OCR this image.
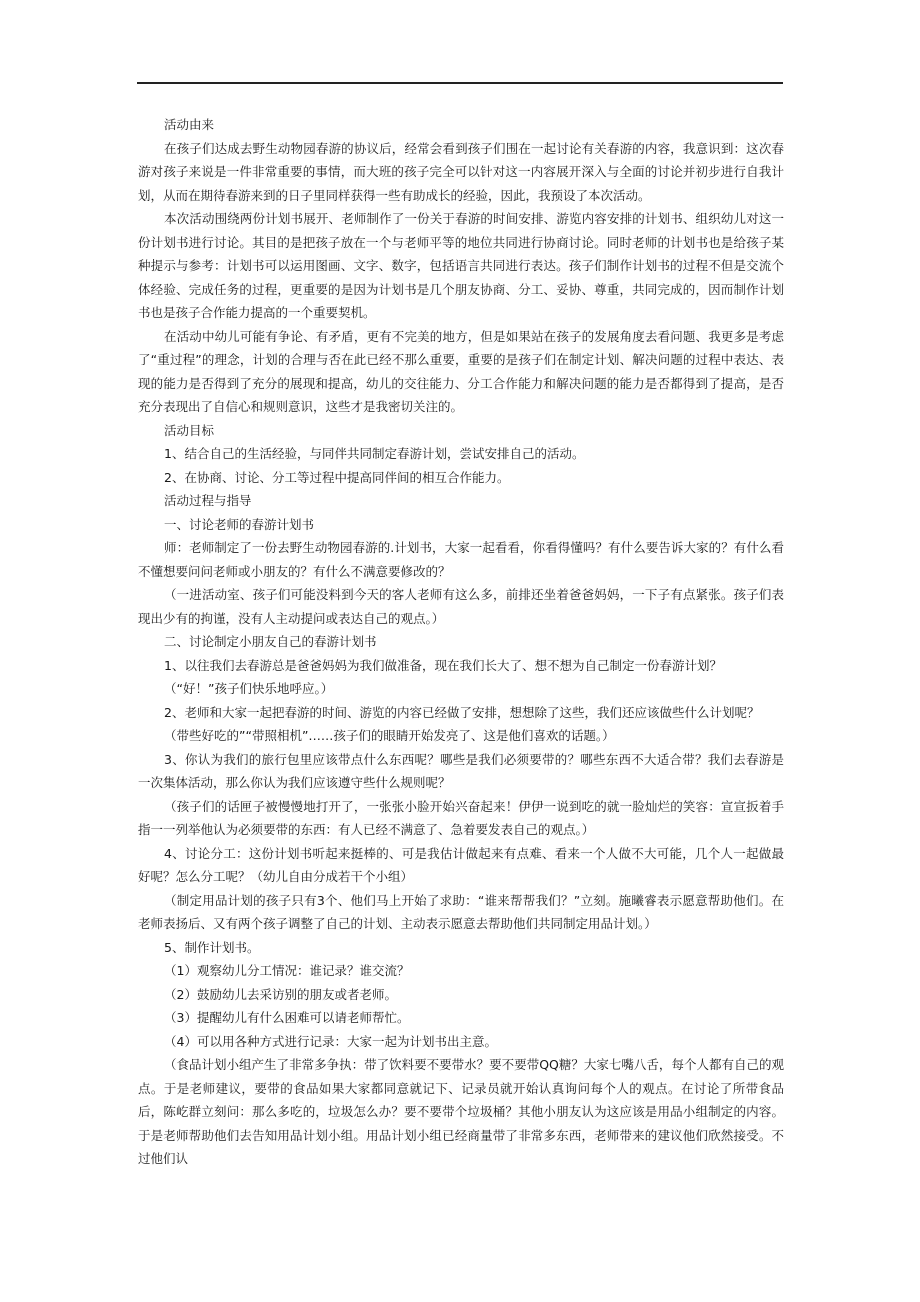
活动由来

在孩子们达成去野生动物园春游的协议后，经常会看到孩子们围在一起讨论有关春游的内容，我意识到：这次春游对孩子来说是一件非常重要的事情，而大班的孩子完全可以针对这一内容展开深入与全面的讨论并初步进行自我计划，从而在期待春游来到的日子里同样获得一些有助成长的经验，因此，我预设了本次活动。

本次活动围绕两份计划书展开、老师制作了一份关于春游的时间安排、游览内容安排的计划书、组织幼儿对这一份计划书进行讨论。其目的是把孩子放在一个与老师平等的地位共同进行协商讨论。同时老师的计划书也是给孩子某种提示与参考：计划书可以运用图画、文字、数字，包括语言共同进行表达。孩子们制作计划书的过程不但是交流个体经验、完成任务的过程，更重要的是因为计划书是几个朋友协商、分工、妥协、尊重，共同完成的，因而制作计划书也是孩子合作能力提高的一个重要契机。

在活动中幼儿可能有争论、有矛盾，更有不完美的地方，但是如果站在孩子的发展角度去看问题、我更多是考虑了“重过程”的理念，计划的合理与否在此已经不那么重要，重要的是孩子们在制定计划、解决问题的过程中表达、表现的能力是否得到了充分的展现和提高，幼儿的交往能力、分工合作能力和解决问题的能力是否都得到了提高，是否充分表现出了自信心和规则意识，这些才是我密切关注的。

活动目标

1、结合自己的生活经验，与同伴共同制定春游计划，尝试安排自己的活动。

2、在协商、讨论、分工等过程中提高同伴间的相互合作能力。

活动过程与指导

一、讨论老师的春游计划书

师：老师制定了一份去野生动物园春游的.计划书，大家一起看看，你看得懂吗？有什么要告诉大家的？有什么看不懂想要问问老师或小朋友的？有什么不满意要修改的？

（一进活动室、孩子们可能没料到今天的客人老师有这么多，前排还坐着爸爸妈妈，一下子有点紧张。孩子们表现出少有的拘谨，没有人主动提问或表达自己的观点。）

二、讨论制定小朋友自己的春游计划书

1、以往我们去春游总是爸爸妈妈为我们做准备，现在我们长大了、想不想为自己制定一份春游计划？

（“好！”孩子们快乐地呼应。）

2、老师和大家一起把春游的时间、游览的内容已经做了安排，想想除了这些，我们还应该做些什么计划呢？

（带些好吃的”“带照相机”……孩子们的眼睛开始发亮了、这是他们喜欢的话题。）

3、你认为我们的旅行包里应该带点什么东西呢？哪些是我们必须要带的？哪些东西不大适合带？我们去春游是一次集体活动，那么你认为我们应该遵守些什么规则呢？

（孩子们的话匣子被慢慢地打开了，一张张小脸开始兴奋起来！伊伊一说到吃的就一脸灿烂的笑容：宣宣扳着手指一一列举他认为必须要带的东西：有人已经不满意了、急着要发表自己的观点。）

4、讨论分工：这份计划书听起来挺棒的、可是我估计做起来有点难、看来一个人做不大可能，几个人一起做最好呢？怎么分工呢？（幼儿自由分成若干个小组）

（制定用品计划的孩子只有3个、他们马上开始了求助：“谁来帮帮我们？”立刻。施曦睿表示愿意帮助他们。在老师表扬后、又有两个孩子调整了自己的计划、主动表示愿意去帮助他们共同制定用品计划。）

5、制作计划书。

（1）观察幼儿分工情况：谁记录？谁交流？

（2）鼓励幼儿去采访别的朋友或者老师。

（3）提醒幼儿有什么困难可以请老师帮忙。

（4）可以用各种方式进行记录：大家一起为计划书出主意。

（食品计划小组产生了非常多争执：带了饮料要不要带水？要不要带QQ糖？大家七嘴八舌，每个人都有自己的观点。于是老师建议，要带的食品如果大家都同意就记下、记录员就开始认真询问每个人的观点。在讨论了所带食品后，陈屹群立刻问：那么多吃的，垃圾怎么办？要不要带个垃圾桶？其他小朋友认为这应该是用品小组制定的内容。于是老师帮助他们去告知用品计划小组。用品计划小组已经商量带了非常多东西，老师带来的建议他们欣然接受。不过他们认
